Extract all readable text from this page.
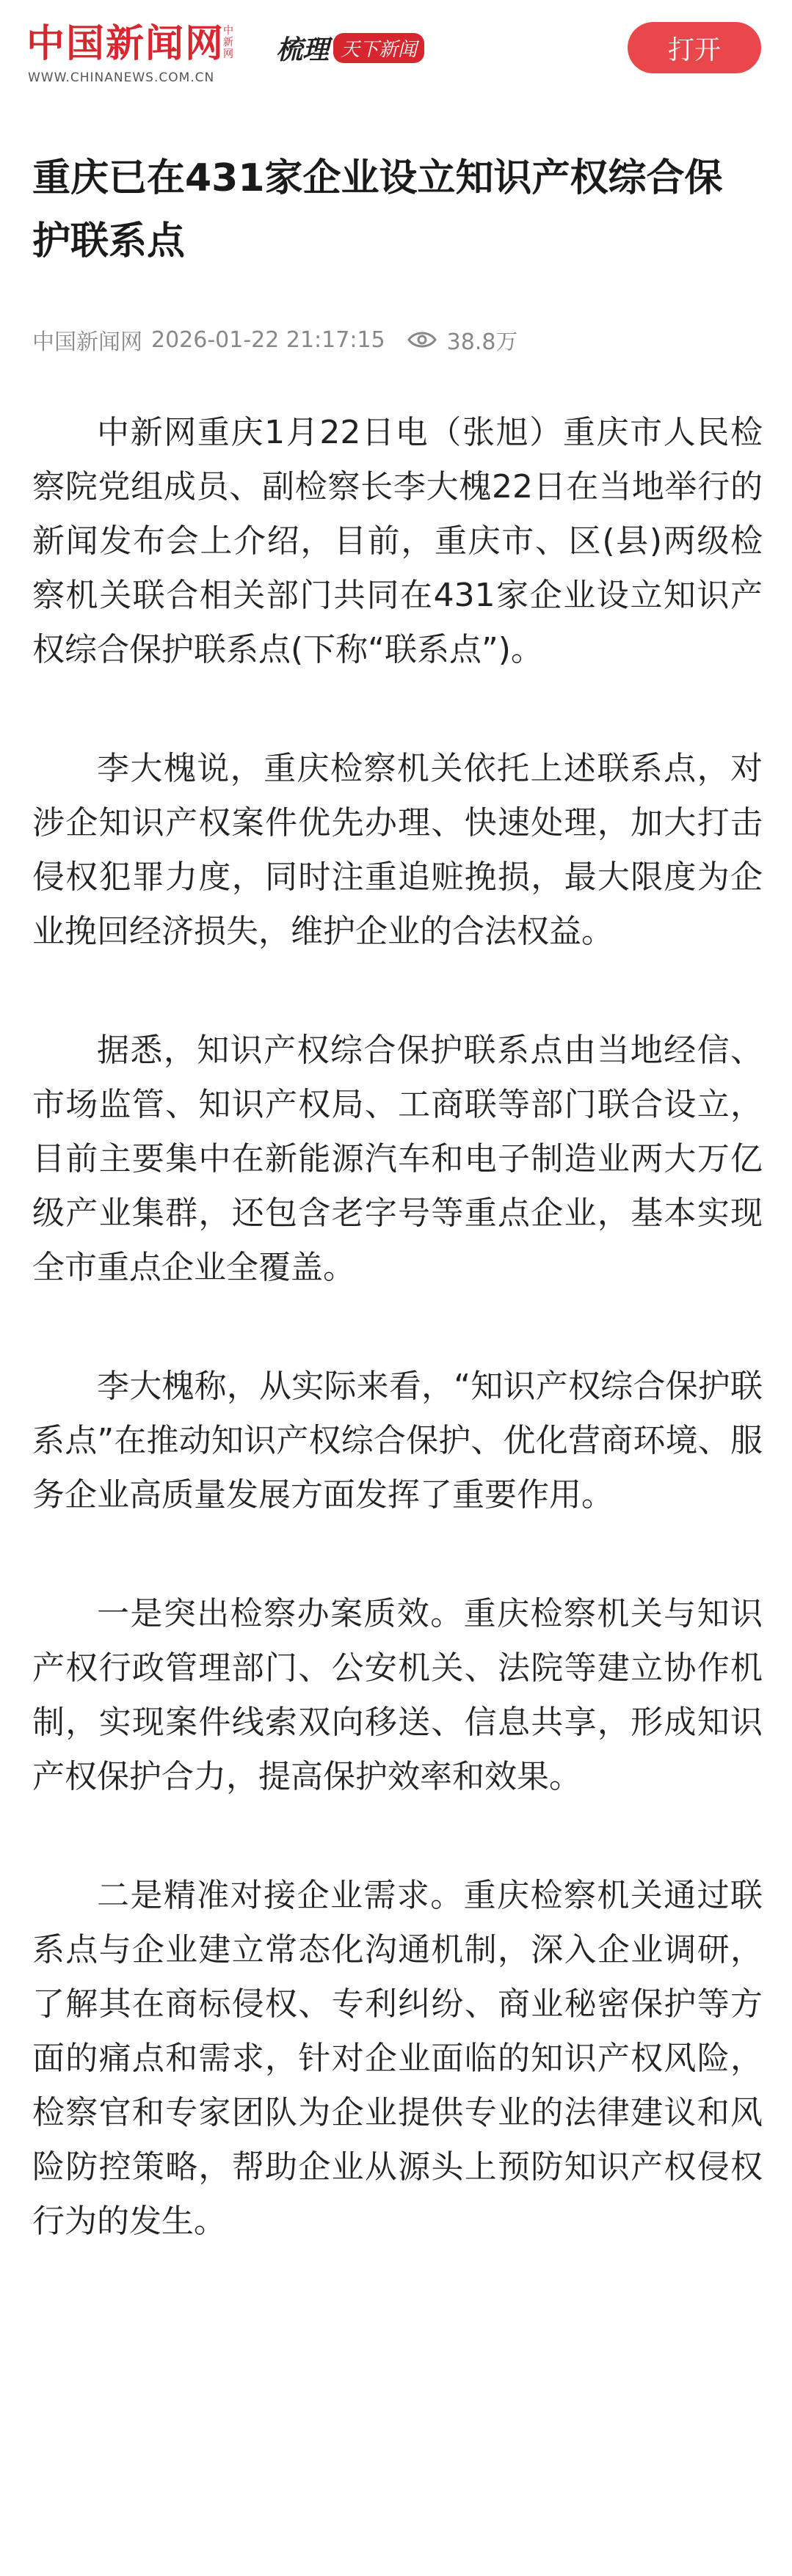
中国新闻网
中新网
WWW.CHINANEWS.COM.CN
梳理 天下新闻	打开
重庆已在431家企业设立知识产权综合保护联系点
中国新闻网 2026-01-22 21:17:15	38.8万

中新网重庆1月22日电（张旭）重庆市人民检察院党组成员、副检察长李大槐22日在当地举行的新闻发布会上介绍，目前，重庆市、区(县)两级检察机关联合相关部门共同在431家企业设立知识产权综合保护联系点(下称“联系点”)。

李大槐说，重庆检察机关依托上述联系点，对涉企知识产权案件优先办理、快速处理，加大打击侵权犯罪力度，同时注重追赃挽损，最大限度为企业挽回经济损失，维护企业的合法权益。

据悉，知识产权综合保护联系点由当地经信、市场监管、知识产权局、工商联等部门联合设立，目前主要集中在新能源汽车和电子制造业两大万亿级产业集群，还包含老字号等重点企业，基本实现全市重点企业全覆盖。

李大槐称，从实际来看，“知识产权综合保护联系点”在推动知识产权综合保护、优化营商环境、服务企业高质量发展方面发挥了重要作用。

一是突出检察办案质效。重庆检察机关与知识产权行政管理部门、公安机关、法院等建立协作机制，实现案件线索双向移送、信息共享，形成知识产权保护合力，提高保护效率和效果。

二是精准对接企业需求。重庆检察机关通过联系点与企业建立常态化沟通机制，深入企业调研，了解其在商标侵权、专利纠纷、商业秘密保护等方面的痛点和需求，针对企业面临的知识产权风险，检察官和专家团队为企业提供专业的法律建议和风险防控策略，帮助企业从源头上预防知识产权侵权行为的发生。
